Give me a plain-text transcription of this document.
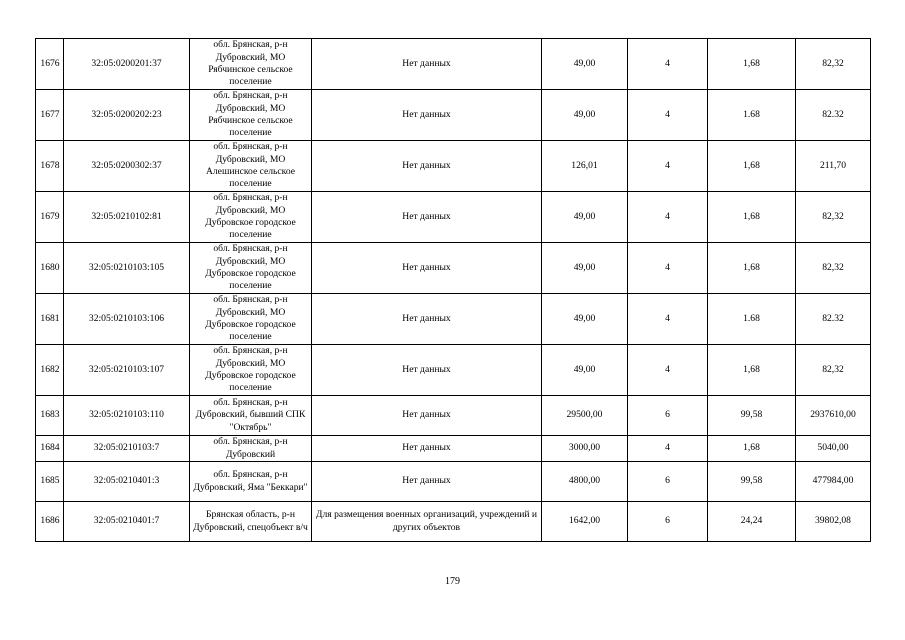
1676	32:05:0200201:37	обл. Брянская, р-н Дубровский, МО Рябчинское сельское поселение	Нет данных	49,00	4	1,68	82,32
1677	32:05:0200202:23	обл. Брянская, р-н Дубровский, МО Рябчинское сельское поселение	Нет данных	49,00	4	1.68	82.32
1678	32:05:0200302:37	обл. Брянская, р-н Дубровский, МО Алешинское сельское поселение	Нет данных	126,01	4	1,68	211,70
1679	32:05:0210102:81	обл. Брянская, р-н Дубровский, МО Дубровское городское поселение	Нет данных	49,00	4	1,68	82,32
1680	32:05:0210103:105	обл. Брянская, р-н Дубровский, МО Дубровское городское поселение	Нет данных	49,00	4	1,68	82,32
1681	32:05:0210103:106	обл. Брянская, р-н Дубровский, МО Дубровское городское поселение	Нет данных	49,00	4	1.68	82.32
1682	32:05:0210103:107	обл. Брянская, р-н Дубровский, МО Дубровское городское поселение	Нет данных	49,00	4	1,68	82,32
1683	32:05:0210103:110	обл. Брянская, р-н Дубровский, бывший СПК "Октябрь"	Нет данных	29500,00	6	99,58	2937610,00
1684	32:05:0210103:7	обл. Брянская, р-н Дубровский	Нет данных	3000,00	4	1,68	5040,00
1685	32:05:0210401:3	обл. Брянская, р-н Дубровский, Яма "Беккари"	Нет данных	4800,00	6	99,58	477984,00
1686	32:05:0210401:7	Брянская область, р-н Дубровский, спецобъект в/ч	Для размещения военных организаций, учреждений и других объектов	1642,00	6	24,24	39802,08
179
